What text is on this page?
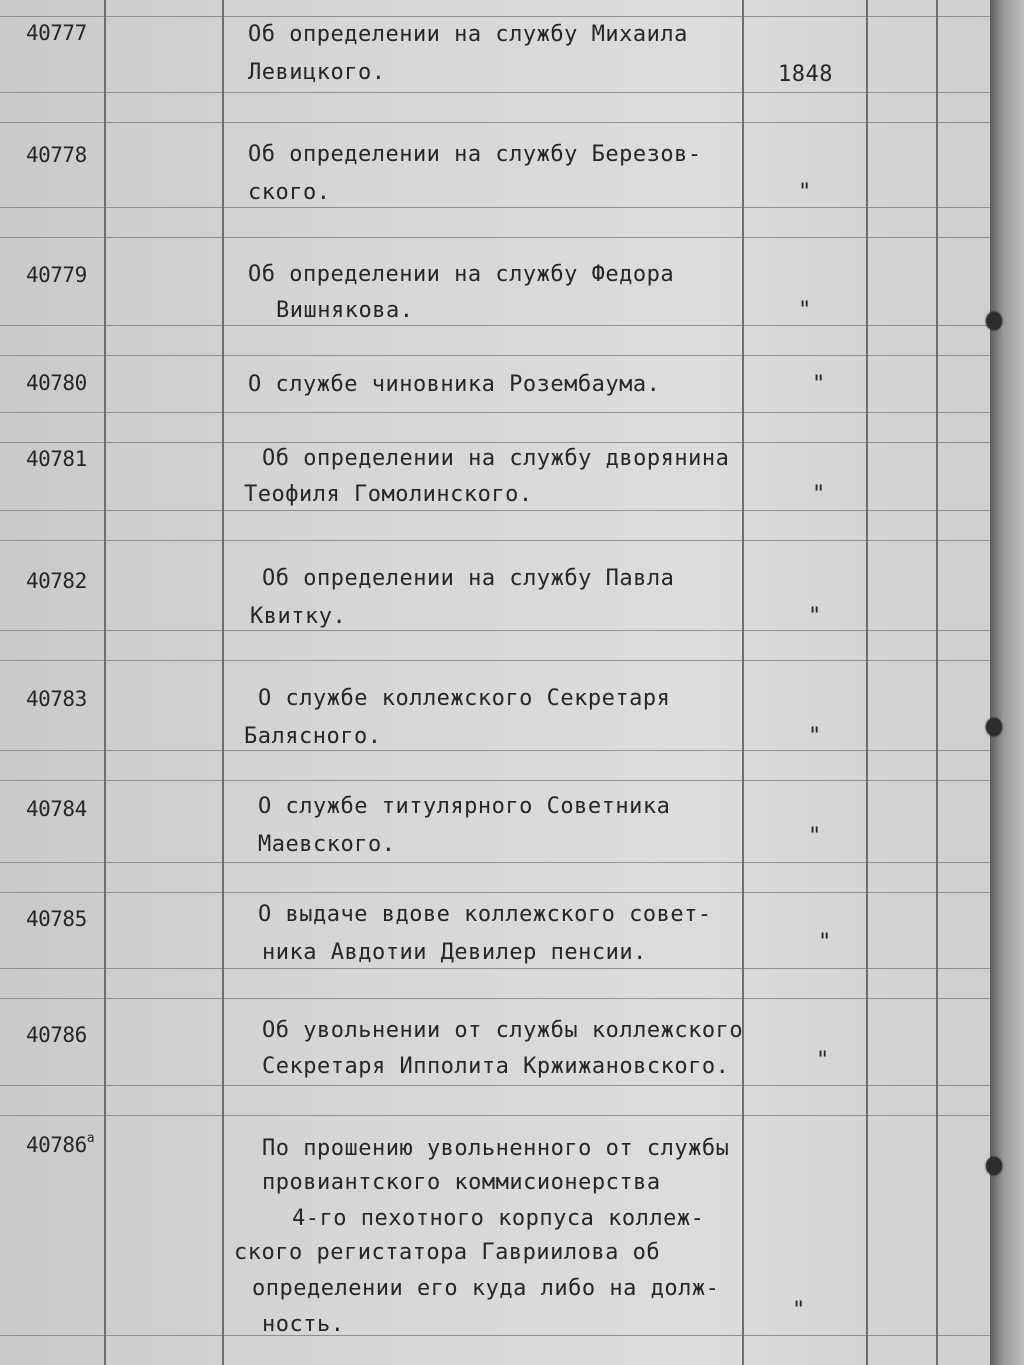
40777	Об определении на службу Михаила
Левицкого.	1848
40778	Об определении на службу Березов-
ского.	"
40779	Об определении на службу Федора
Вишнякова.	"
40780	О службе чиновника Розембаума.	"
40781	Об определении на службу дворянина
Теофиля Гомолинского.	"
40782	Об определении на службу Павла
Квитку.	"
40783	О службе коллежского Секретаря
Балясного.	"
40784	О службе титулярного Советника
Маевского.	"
40785	О выдаче вдове коллежского совет-
ника Авдотии Девилер пенсии.	"
40786	Об увольнении от службы коллежского
Секретаря Ипполита Кржижановского.	"
$40786^а$	По прошению увольненного от службы
провиантского коммисионерства
4-го пехотного корпуса коллеж-
ского регистатора Гавриилова об
определении его куда либо на долж-
ность.
"
